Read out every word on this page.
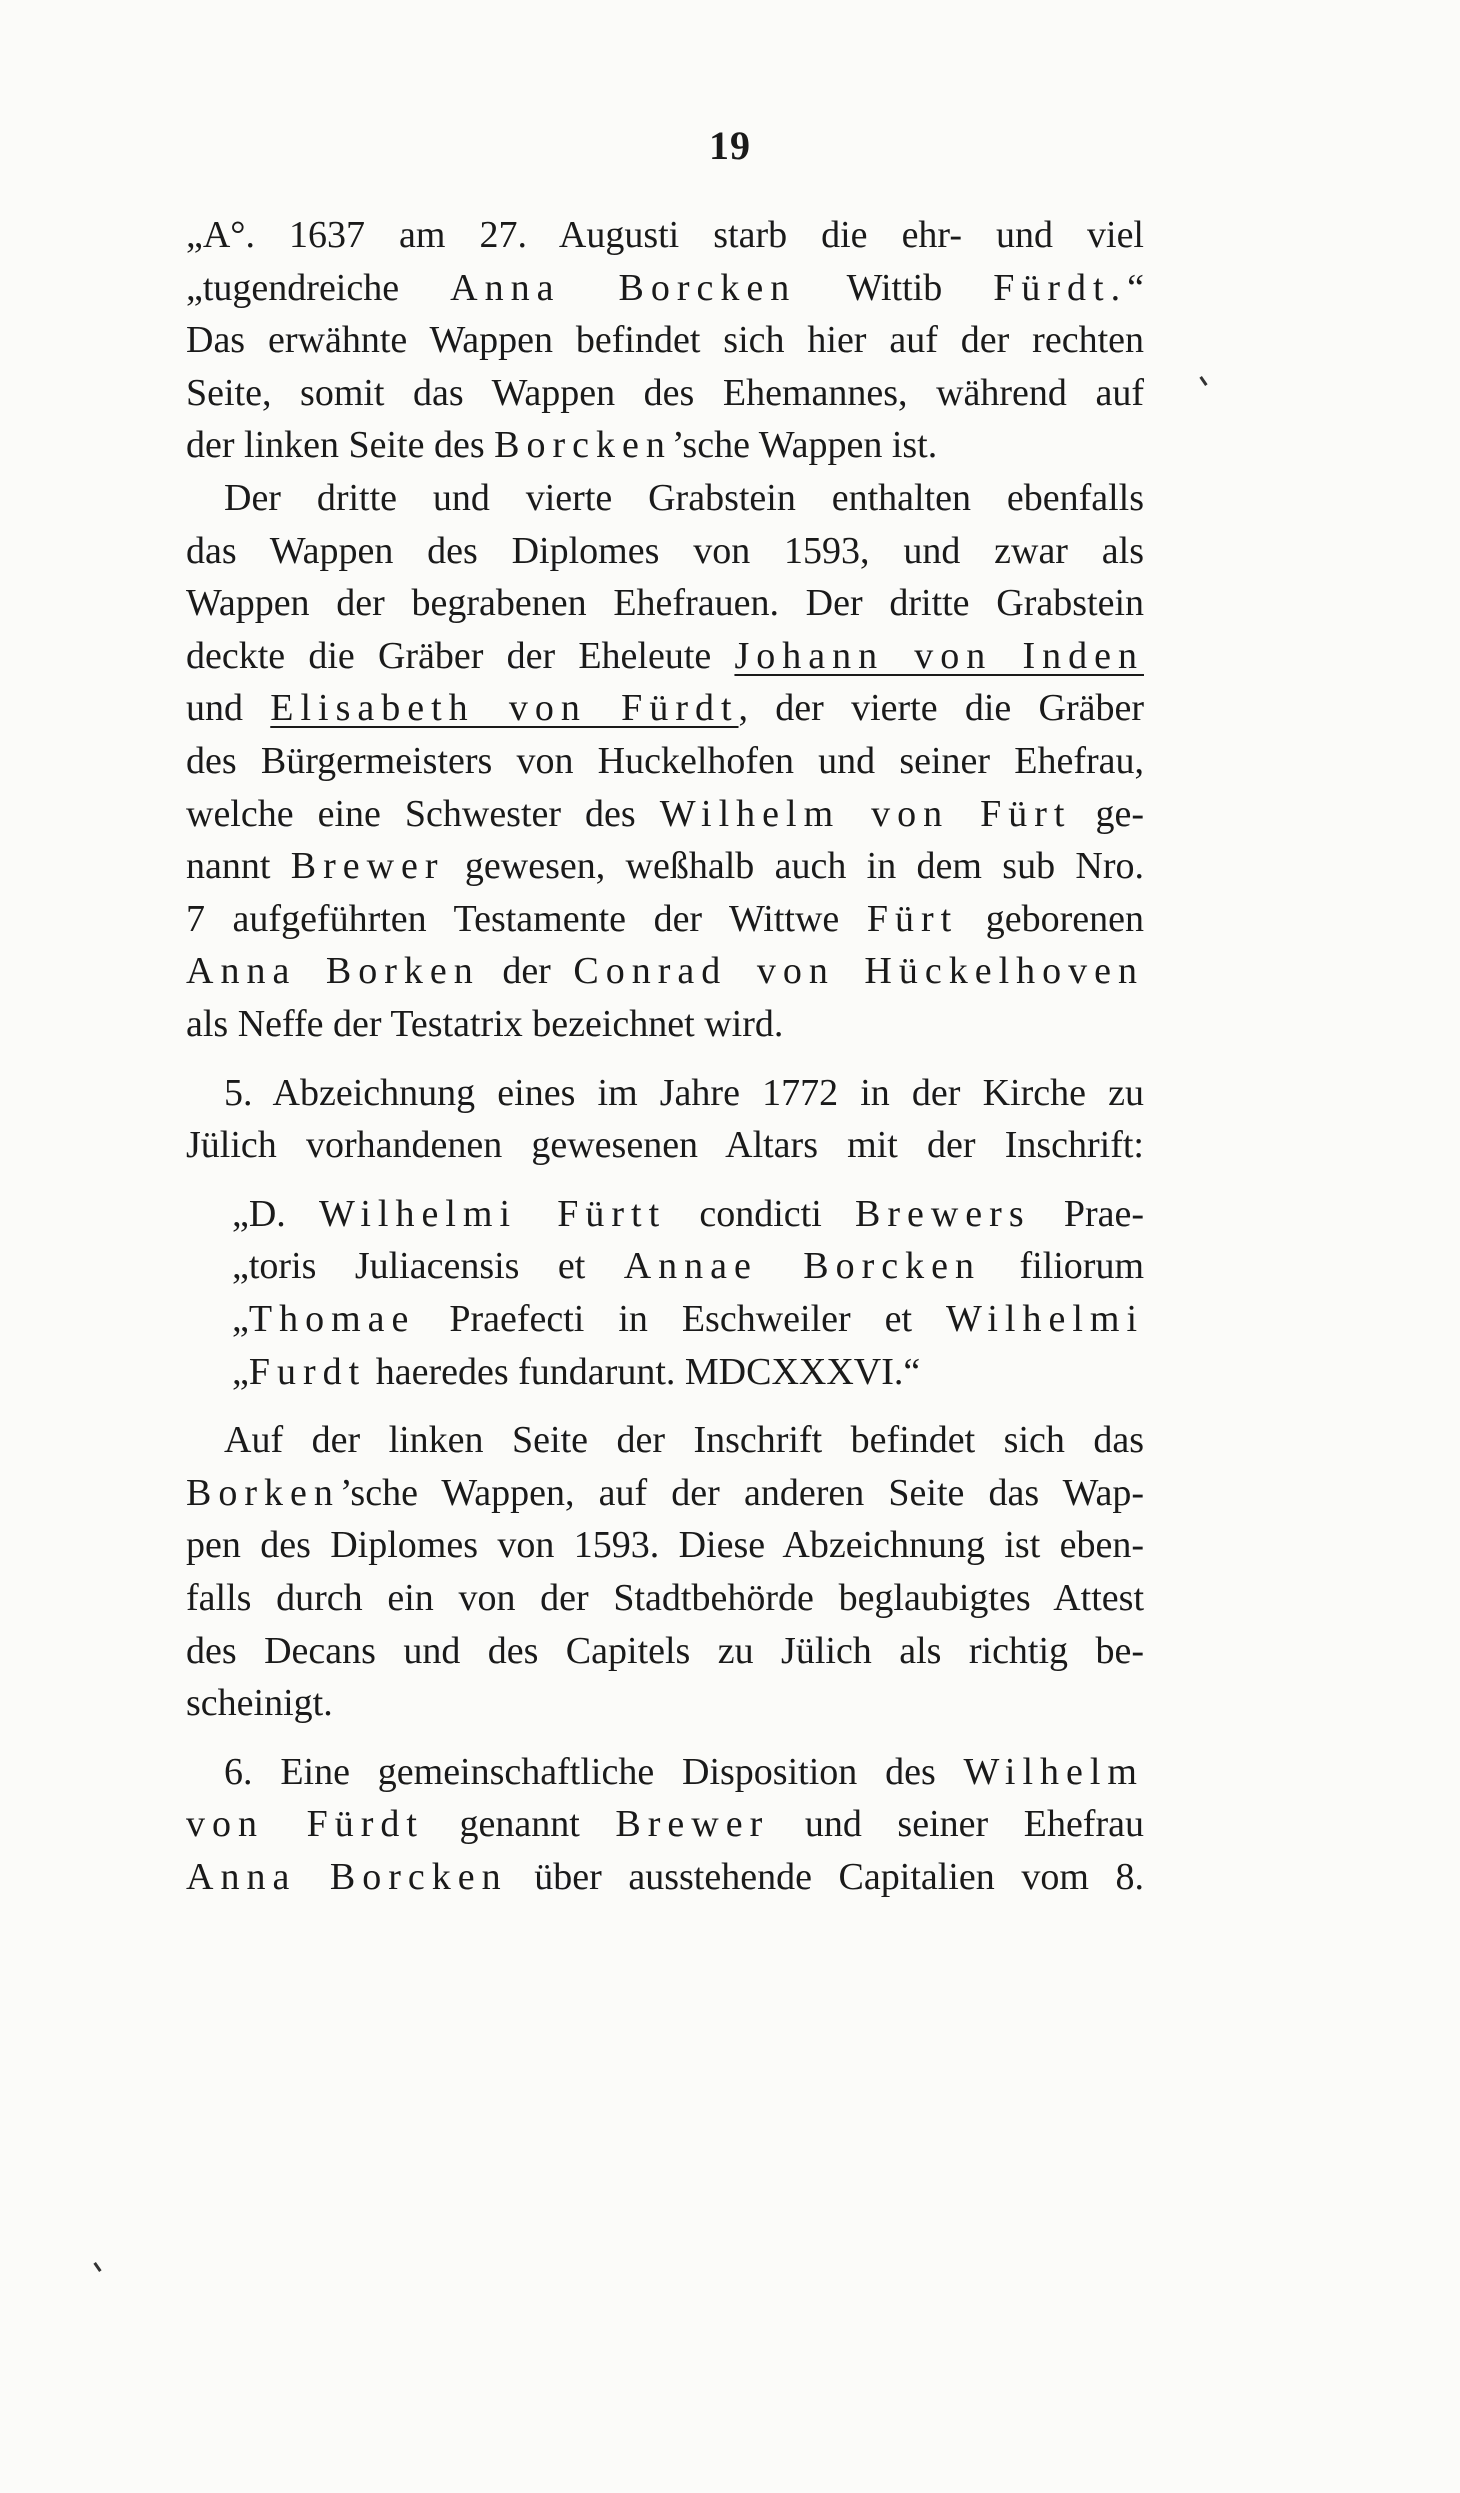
19
„A°. 1637 am 27. Augusti starb die ehr- und viel
„tugendreiche Anna Borcken Wittib Fürdt.“
Das erwähnte Wappen befindet sich hier auf der rechten
Seite, somit das Wappen des Ehemannes, während auf
der linken Seite des Borcken’sche Wappen ist.
Der dritte und vierte Grabstein enthalten ebenfalls
das Wappen des Diplomes von 1593, und zwar als
Wappen der begrabenen Ehefrauen. Der dritte Grabstein
deckte die Gräber der Eheleute Johann von Inden
und Elisabeth von Fürdt, der vierte die Gräber
des Bürgermeisters von Huckelhofen und seiner Ehefrau,
welche eine Schwester des Wilhelm von Fürt ge-
nannt Brewer gewesen, weßhalb auch in dem sub Nro.
7 aufgeführten Testamente der Wittwe Fürt geborenen
Anna Borken der Conrad von Hückelhoven
als Neffe der Testatrix bezeichnet wird.
5. Abzeichnung eines im Jahre 1772 in der Kirche zu
Jülich vorhandenen gewesenen Altars mit der Inschrift:
„D. Wilhelmi Fürtt condicti Brewers Prae-
„toris Juliacensis et Annae Borcken filiorum
„Thomae Praefecti in Eschweiler et Wilhelmi
„Furdt haeredes fundarunt. MDCXXXVI.“
Auf der linken Seite der Inschrift befindet sich das
Borken’sche Wappen, auf der anderen Seite das Wap-
pen des Diplomes von 1593. Diese Abzeichnung ist eben-
falls durch ein von der Stadtbehörde beglaubigtes Attest
des Decans und des Capitels zu Jülich als richtig be-
scheinigt.
6. Eine gemeinschaftliche Disposition des Wilhelm
von Fürdt genannt Brewer und seiner Ehefrau
Anna Borcken über ausstehende Capitalien vom 8.
